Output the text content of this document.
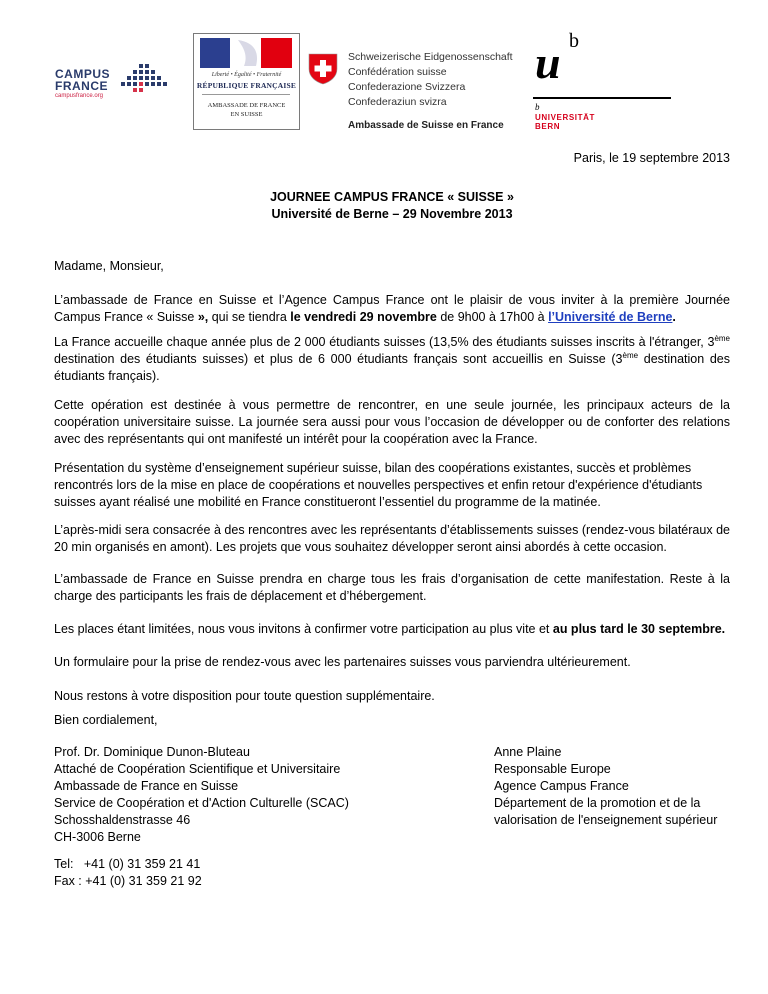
CAMPUS
FRANCE
campusfrance.org
Liberté • Égalité • Fraternité
RÉPUBLIQUE FRANÇAISE
AMBASSADE DE FRANCE
EN SUISSE
Schweizerische Eidgenossenschaft
Confédération suisse
Confederazione Svizzera
Confederaziun svizra
Ambassade de Suisse en France
u b
b
UNIVERSITÄT
BERN
Paris, le 19 septembre 2013
JOURNEE CAMPUS FRANCE « SUISSE »
Université de Berne – 29 Novembre 2013
Madame, Monsieur,
L’ambassade de France en Suisse et l’Agence Campus France ont le plaisir de vous inviter à la première Journée Campus France « Suisse », qui se tiendra le vendredi 29 novembre de 9h00 à 17h00 à l’Université de Berne.
La France accueille chaque année plus de 2 000 étudiants suisses (13,5% des étudiants suisses inscrits à l'étranger, 3ème destination des étudiants suisses) et plus de 6 000 étudiants français sont accueillis en Suisse (3ème destination des étudiants français).
Cette opération est destinée à vous permettre de rencontrer, en une seule journée, les principaux acteurs de la coopération universitaire suisse. La journée sera aussi pour vous l’occasion de développer ou de conforter des relations avec des représentants qui ont manifesté un intérêt pour la coopération avec la France.
Présentation du système d’enseignement supérieur suisse, bilan des coopérations existantes, succès et problèmes
rencontrés lors de la mise en place de coopérations et nouvelles perspectives et enfin retour d'expérience d'étudiants
suisses ayant réalisé une mobilité en France constitueront l’essentiel du programme de la matinée.
L’après-midi sera consacrée à des rencontres avec les représentants d’établissements suisses (rendez-vous bilatéraux de 20 min organisés en amont). Les projets que vous souhaitez développer seront ainsi abordés à cette occasion.
L’ambassade de France en Suisse prendra en charge tous les frais d’organisation de cette manifestation. Reste à la charge des participants les frais de déplacement et d’hébergement.
Les places étant limitées, nous vous invitons à confirmer votre participation au plus vite et au plus tard le 30 septembre.
Un formulaire pour la prise de rendez-vous avec les partenaires suisses vous parviendra ultérieurement.
Nous restons à votre disposition pour toute question supplémentaire.
Bien cordialement,
Prof. Dr. Dominique Dunon-Bluteau
Attaché de Coopération Scientifique et Universitaire
Ambassade de France en Suisse
Service de Coopération et d'Action Culturelle (SCAC)
Schosshaldenstrasse 46
CH-3006 Berne
Anne Plaine
Responsable Europe
Agence Campus France
Département de la promotion et de la
valorisation de l'enseignement supérieur
Tel:   +41 (0) 31 359 21 41
Fax : +41 (0) 31 359 21 92
